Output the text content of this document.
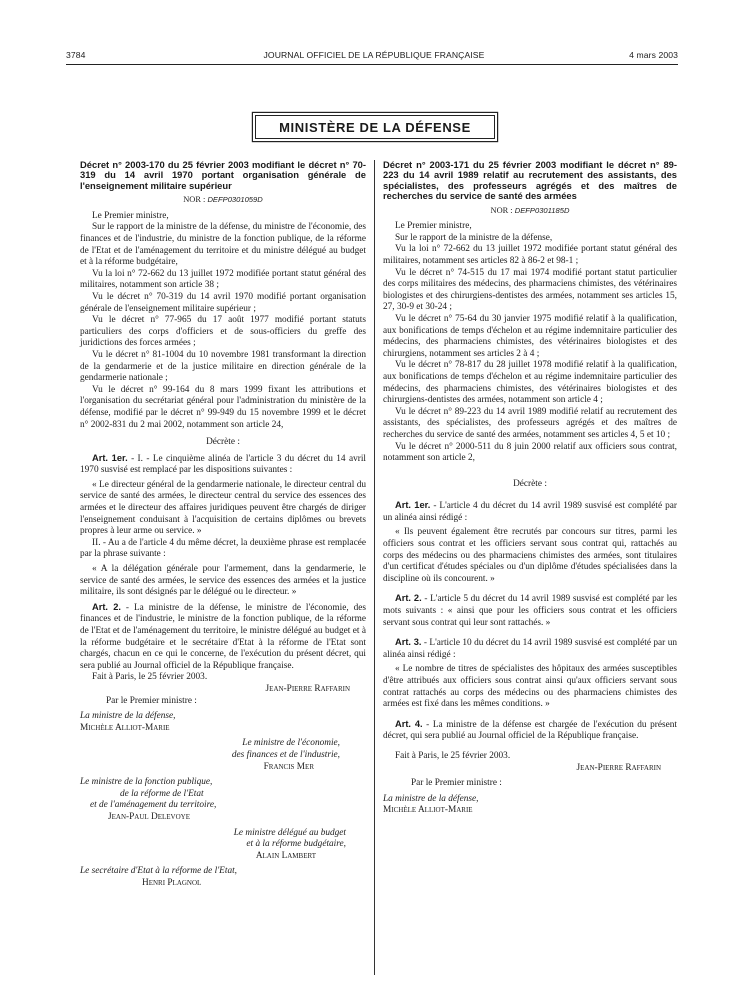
3784	JOURNAL OFFICIEL DE LA RÉPUBLIQUE FRANÇAISE	4 mars 2003
MINISTÈRE DE LA DÉFENSE
Décret n° 2003-170 du 25 février 2003 modifiant le décret n° 70-319 du 14 avril 1970 portant organisation générale de l'enseignement militaire supérieur
NOR : DEFP0301059D

Le Premier ministre,

Sur le rapport de la ministre de la défense, du ministre de l'économie, des finances et de l'industrie, du ministre de la fonction publique, de la réforme de l'Etat et de l'aménagement du territoire et du ministre délégué au budget et à la réforme budgétaire,

Vu la loi n° 72-662 du 13 juillet 1972 modifiée portant statut général des militaires, notamment son article 38 ;

Vu le décret n° 70-319 du 14 avril 1970 modifié portant organisation générale de l'enseignement militaire supérieur ;

Vu le décret n° 77-965 du 17 août 1977 modifié portant statuts particuliers des corps d'officiers et de sous-officiers du greffe des juridictions des forces armées ;

Vu le décret n° 81-1004 du 10 novembre 1981 transformant la direction de la gendarmerie et de la justice militaire en direction générale de la gendarmerie nationale ;

Vu le décret n° 99-164 du 8 mars 1999 fixant les attributions et l'organisation du secrétariat général pour l'administration du ministère de la défense, modifié par le décret n° 99-949 du 15 novembre 1999 et le décret n° 2002-831 du 2 mai 2002, notamment son article 24,

Décrète :

Art. 1er. - I. - Le cinquième alinéa de l'article 3 du décret du 14 avril 1970 susvisé est remplacé par les dispositions suivantes :

« Le directeur général de la gendarmerie nationale, le directeur central du service de santé des armées, le directeur central du service des essences des armées et le directeur des affaires juridiques peuvent être chargés de diriger l'enseignement conduisant à l'acquisition de certains diplômes ou brevets propres à leur arme ou service. »

II. - Au a de l'article 4 du même décret, la deuxième phrase est remplacée par la phrase suivante :

« A la délégation générale pour l'armement, dans la gendarmerie, le service de santé des armées, le service des essences des armées et la justice militaire, ils sont désignés par le délégué ou le directeur. »

Art. 2. - La ministre de la défense, le ministre de l'économie, des finances et de l'industrie, le ministre de la fonction publique, de la réforme de l'Etat et de l'aménagement du territoire, le ministre délégué au budget et à la réforme budgétaire et le secrétaire d'Etat à la réforme de l'Etat sont chargés, chacun en ce qui le concerne, de l'exécution du présent décret, qui sera publié au Journal officiel de la République française.

Fait à Paris, le 25 février 2003.

Jean-Pierre Raffarin

Par le Premier ministre :

La ministre de la défense,

Michèle Alliot-Marie

Le ministre de l'économie,

des finances et de l'industrie,

Francis Mer

Le ministre de la fonction publique,

de la réforme de l'Etat

et de l'aménagement du territoire,

Jean-Paul Delevoye

Le ministre délégué au budget

et à la réforme budgétaire,

Alain Lambert

Le secrétaire d'Etat à la réforme de l'Etat,

Henri Plagnol

Décret n° 2003-171 du 25 février 2003 modifiant le décret n° 89-223 du 14 avril 1989 relatif au recrutement des assistants, des spécialistes, des professeurs agrégés et des maîtres de recherches du service de santé des armées
NOR : DEFP0301185D

Le Premier ministre,

Sur le rapport de la ministre de la défense,

Vu la loi n° 72-662 du 13 juillet 1972 modifiée portant statut général des militaires, notamment ses articles 82 à 86-2 et 98-1 ;

Vu le décret n° 74-515 du 17 mai 1974 modifié portant statut particulier des corps militaires des médecins, des pharmaciens chimistes, des vétérinaires biologistes et des chirurgiens-dentistes des armées, notamment ses articles 15, 27, 30-9 et 30-24 ;

Vu le décret n° 75-64 du 30 janvier 1975 modifié relatif à la qualification, aux bonifications de temps d'échelon et au régime indemnitaire particulier des médecins, des pharmaciens chimistes, des vétérinaires biologistes et des chirurgiens, notamment ses articles 2 à 4 ;

Vu le décret n° 78-817 du 28 juillet 1978 modifié relatif à la qualification, aux bonifications de temps d'échelon et au régime indemnitaire particulier des médecins, des pharmaciens chimistes, des vétérinaires biologistes et des chirurgiens-dentistes des armées, notamment son article 4 ;

Vu le décret n° 89-223 du 14 avril 1989 modifié relatif au recrutement des assistants, des spécialistes, des professeurs agrégés et des maîtres de recherches du service de santé des armées, notamment ses articles 4, 5 et 10 ;

Vu le décret n° 2000-511 du 8 juin 2000 relatif aux officiers sous contrat, notamment son article 2,

Décrète :

Art. 1er. - L'article 4 du décret du 14 avril 1989 susvisé est complété par un alinéa ainsi rédigé :

« Ils peuvent également être recrutés par concours sur titres, parmi les officiers sous contrat et les officiers servant sous contrat qui, rattachés au corps des médecins ou des pharmaciens chimistes des armées, sont titulaires d'un certificat d'études spéciales ou d'un diplôme d'études spécialisées dans la discipline où ils concourent. »

Art. 2. - L'article 5 du décret du 14 avril 1989 susvisé est complété par les mots suivants : « ainsi que pour les officiers sous contrat et les officiers servant sous contrat qui leur sont rattachés. »

Art. 3. - L'article 10 du décret du 14 avril 1989 susvisé est complété par un alinéa ainsi rédigé :

« Le nombre de titres de spécialistes des hôpitaux des armées susceptibles d'être attribués aux officiers sous contrat ainsi qu'aux officiers servant sous contrat rattachés au corps des médecins ou des pharmaciens chimistes des armées est fixé dans les mêmes conditions. »

Art. 4. - La ministre de la défense est chargée de l'exécution du présent décret, qui sera publié au Journal officiel de la République française.

Fait à Paris, le 25 février 2003.

Jean-Pierre Raffarin

Par le Premier ministre :

La ministre de la défense,

Michèle Alliot-Marie
